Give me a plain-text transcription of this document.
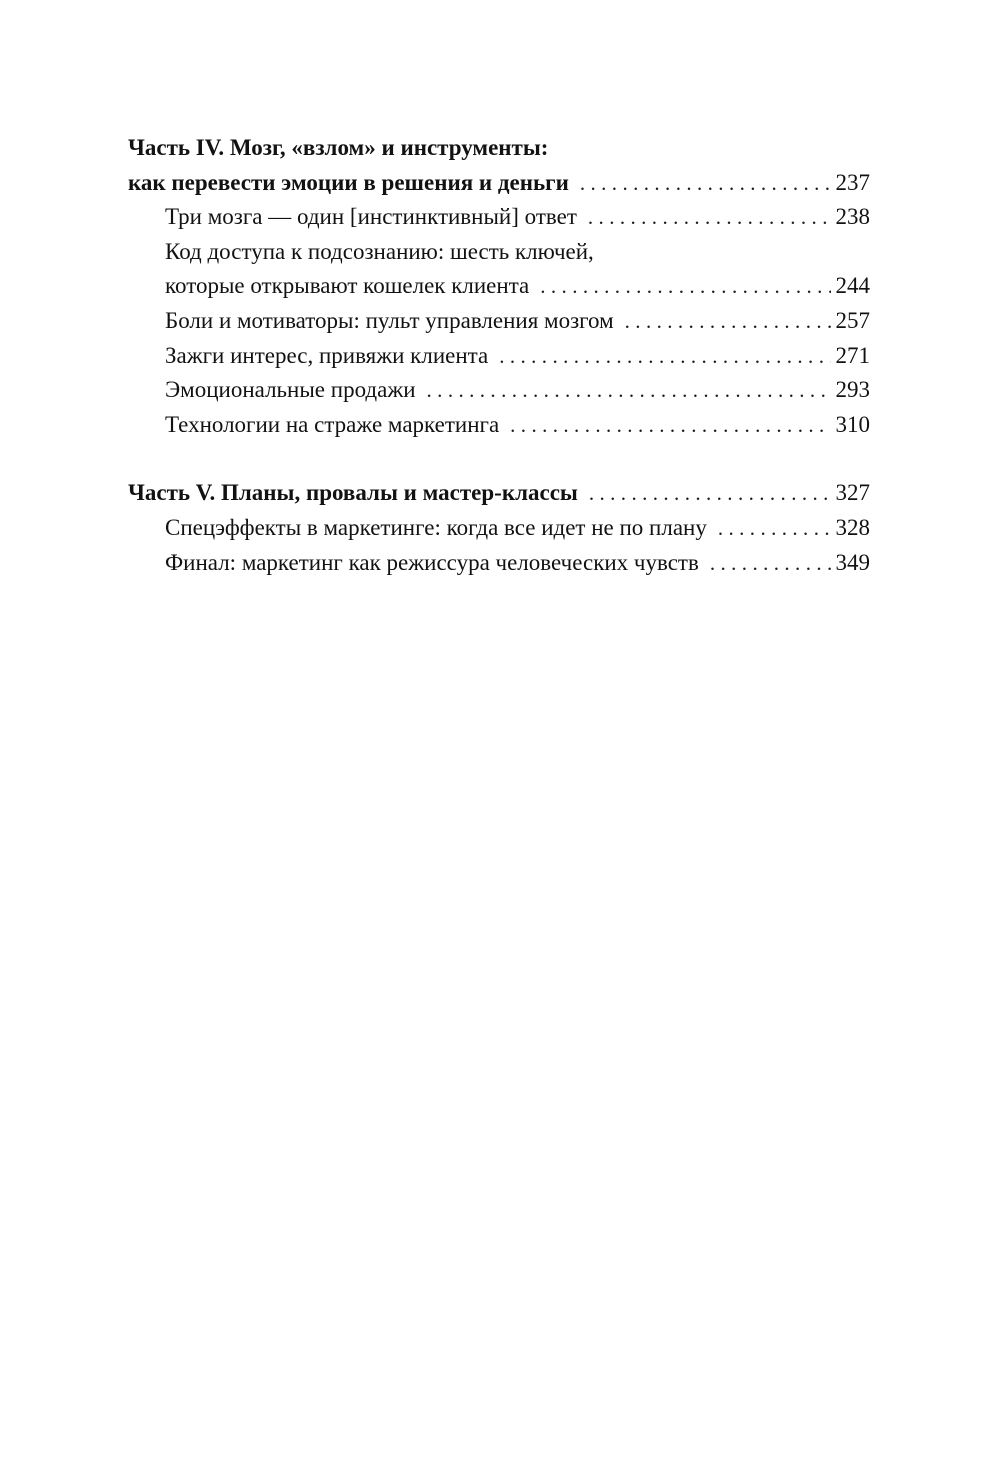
Часть IV. Мозг, «взлом» и инструменты:
как перевести эмоции в решения и деньги .....	237
Три мозга — один [инстинктивный] ответ .....	238
Код доступа к подсознанию: шесть ключей,
которые открывают кошелек клиента .....	244
Боли и мотиваторы: пульт управления мозгом .....	257
Зажги интерес, привяжи клиента .....	271
Эмоциональные продажи .....	293
Технологии на страже маркетинга .....	310
Часть V. Планы, провалы и мастер-классы .....	327
Спецэффекты в маркетинге: когда все идет не по плану .....	328
Финал: маркетинг как режиссура человеческих чувств .....	349
